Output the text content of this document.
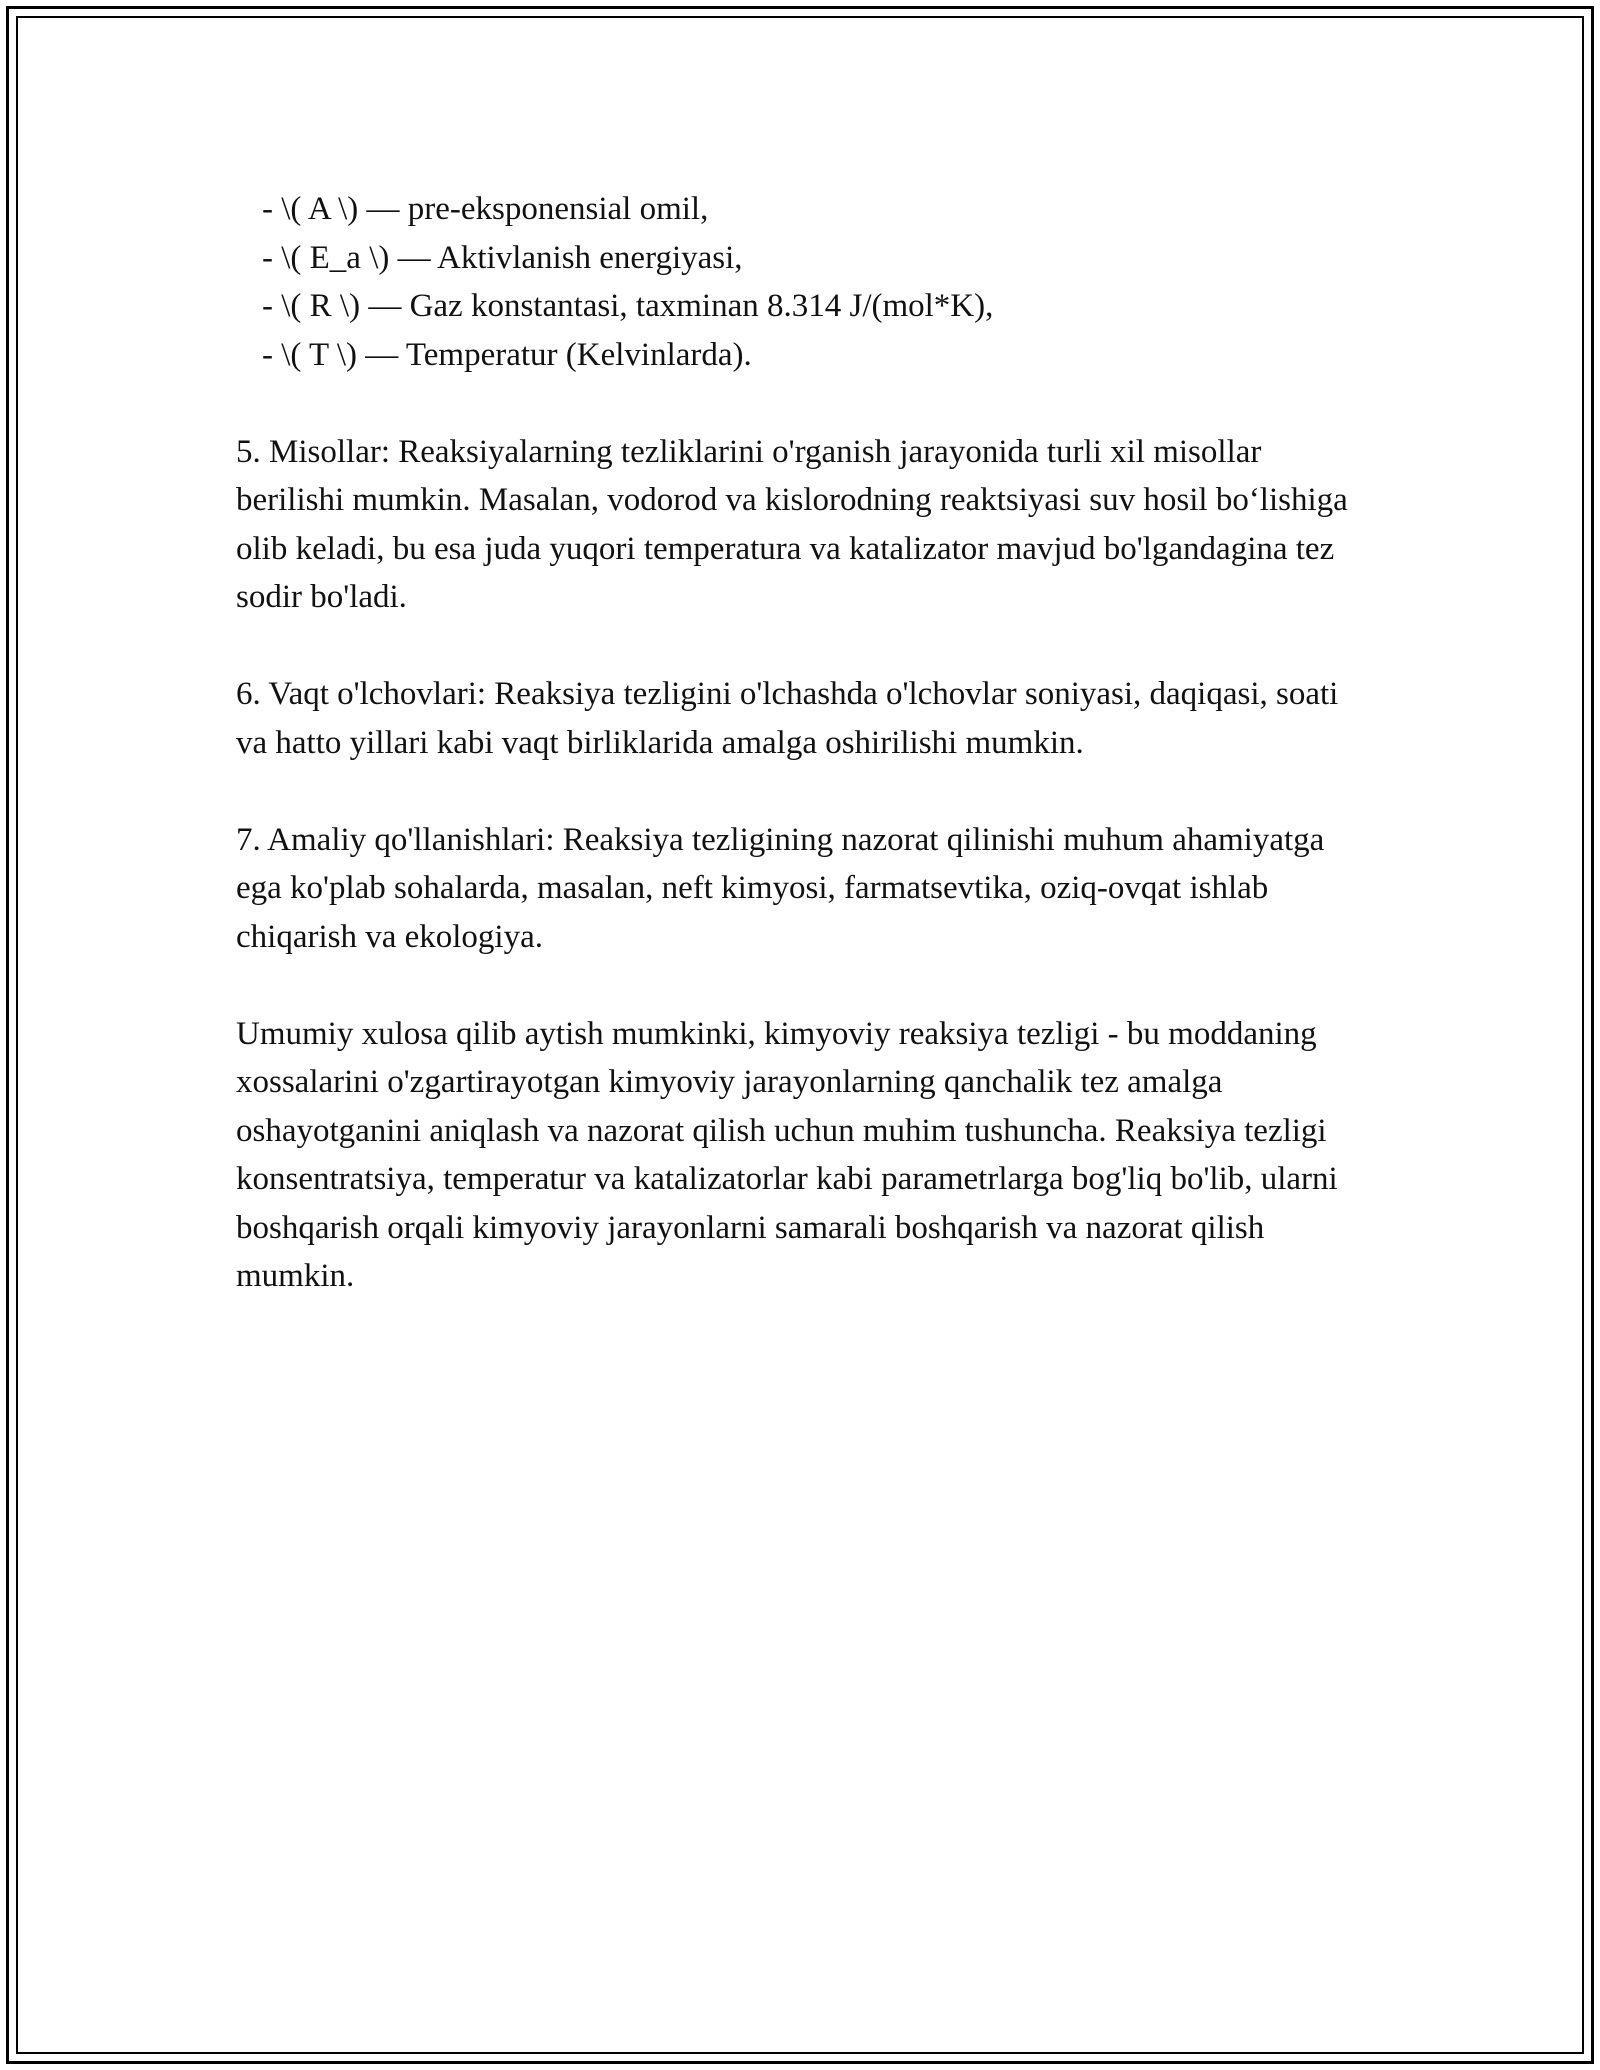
- \( A \) — pre-eksponensial omil,
- \( E_a \) — Aktivlanish energiyasi,
- \( R \) — Gaz konstantasi, taxminan 8.314 J/(mol*K),
- \( T \) — Temperatur (Kelvinlarda).

5. Misollar: Reaksiyalarning tezliklarini o'rganish jarayonida turli xil misollar berilishi mumkin. Masalan, vodorod va kislorodning reaktsiyasi suv hosil bo‘lishiga olib keladi, bu esa juda yuqori temperatura va katalizator mavjud bo'lgandagina tez sodir bo'ladi.

6. Vaqt o'lchovlari: Reaksiya tezligini o'lchashda o'lchovlar soniyasi, daqiqasi, soati va hatto yillari kabi vaqt birliklarida amalga oshirilishi mumkin.

7. Amaliy qo'llanishlari: Reaksiya tezligining nazorat qilinishi muhum ahamiyatga ega ko'plab sohalarda, masalan, neft kimyosi, farmatsevtika, oziq-ovqat ishlab chiqarish va ekologiya.

Umumiy xulosa qilib aytish mumkinki, kimyoviy reaksiya tezligi - bu moddaning xossalarini o'zgartirayotgan kimyoviy jarayonlarning qanchalik tez amalga oshayotganini aniqlash va nazorat qilish uchun muhim tushuncha. Reaksiya tezligi konsentratsiya, temperatur va katalizatorlar kabi parametrlarga bog'liq bo'lib, ularni boshqarish orqali kimyoviy jarayonlarni samarali boshqarish va nazorat qilish mumkin.
